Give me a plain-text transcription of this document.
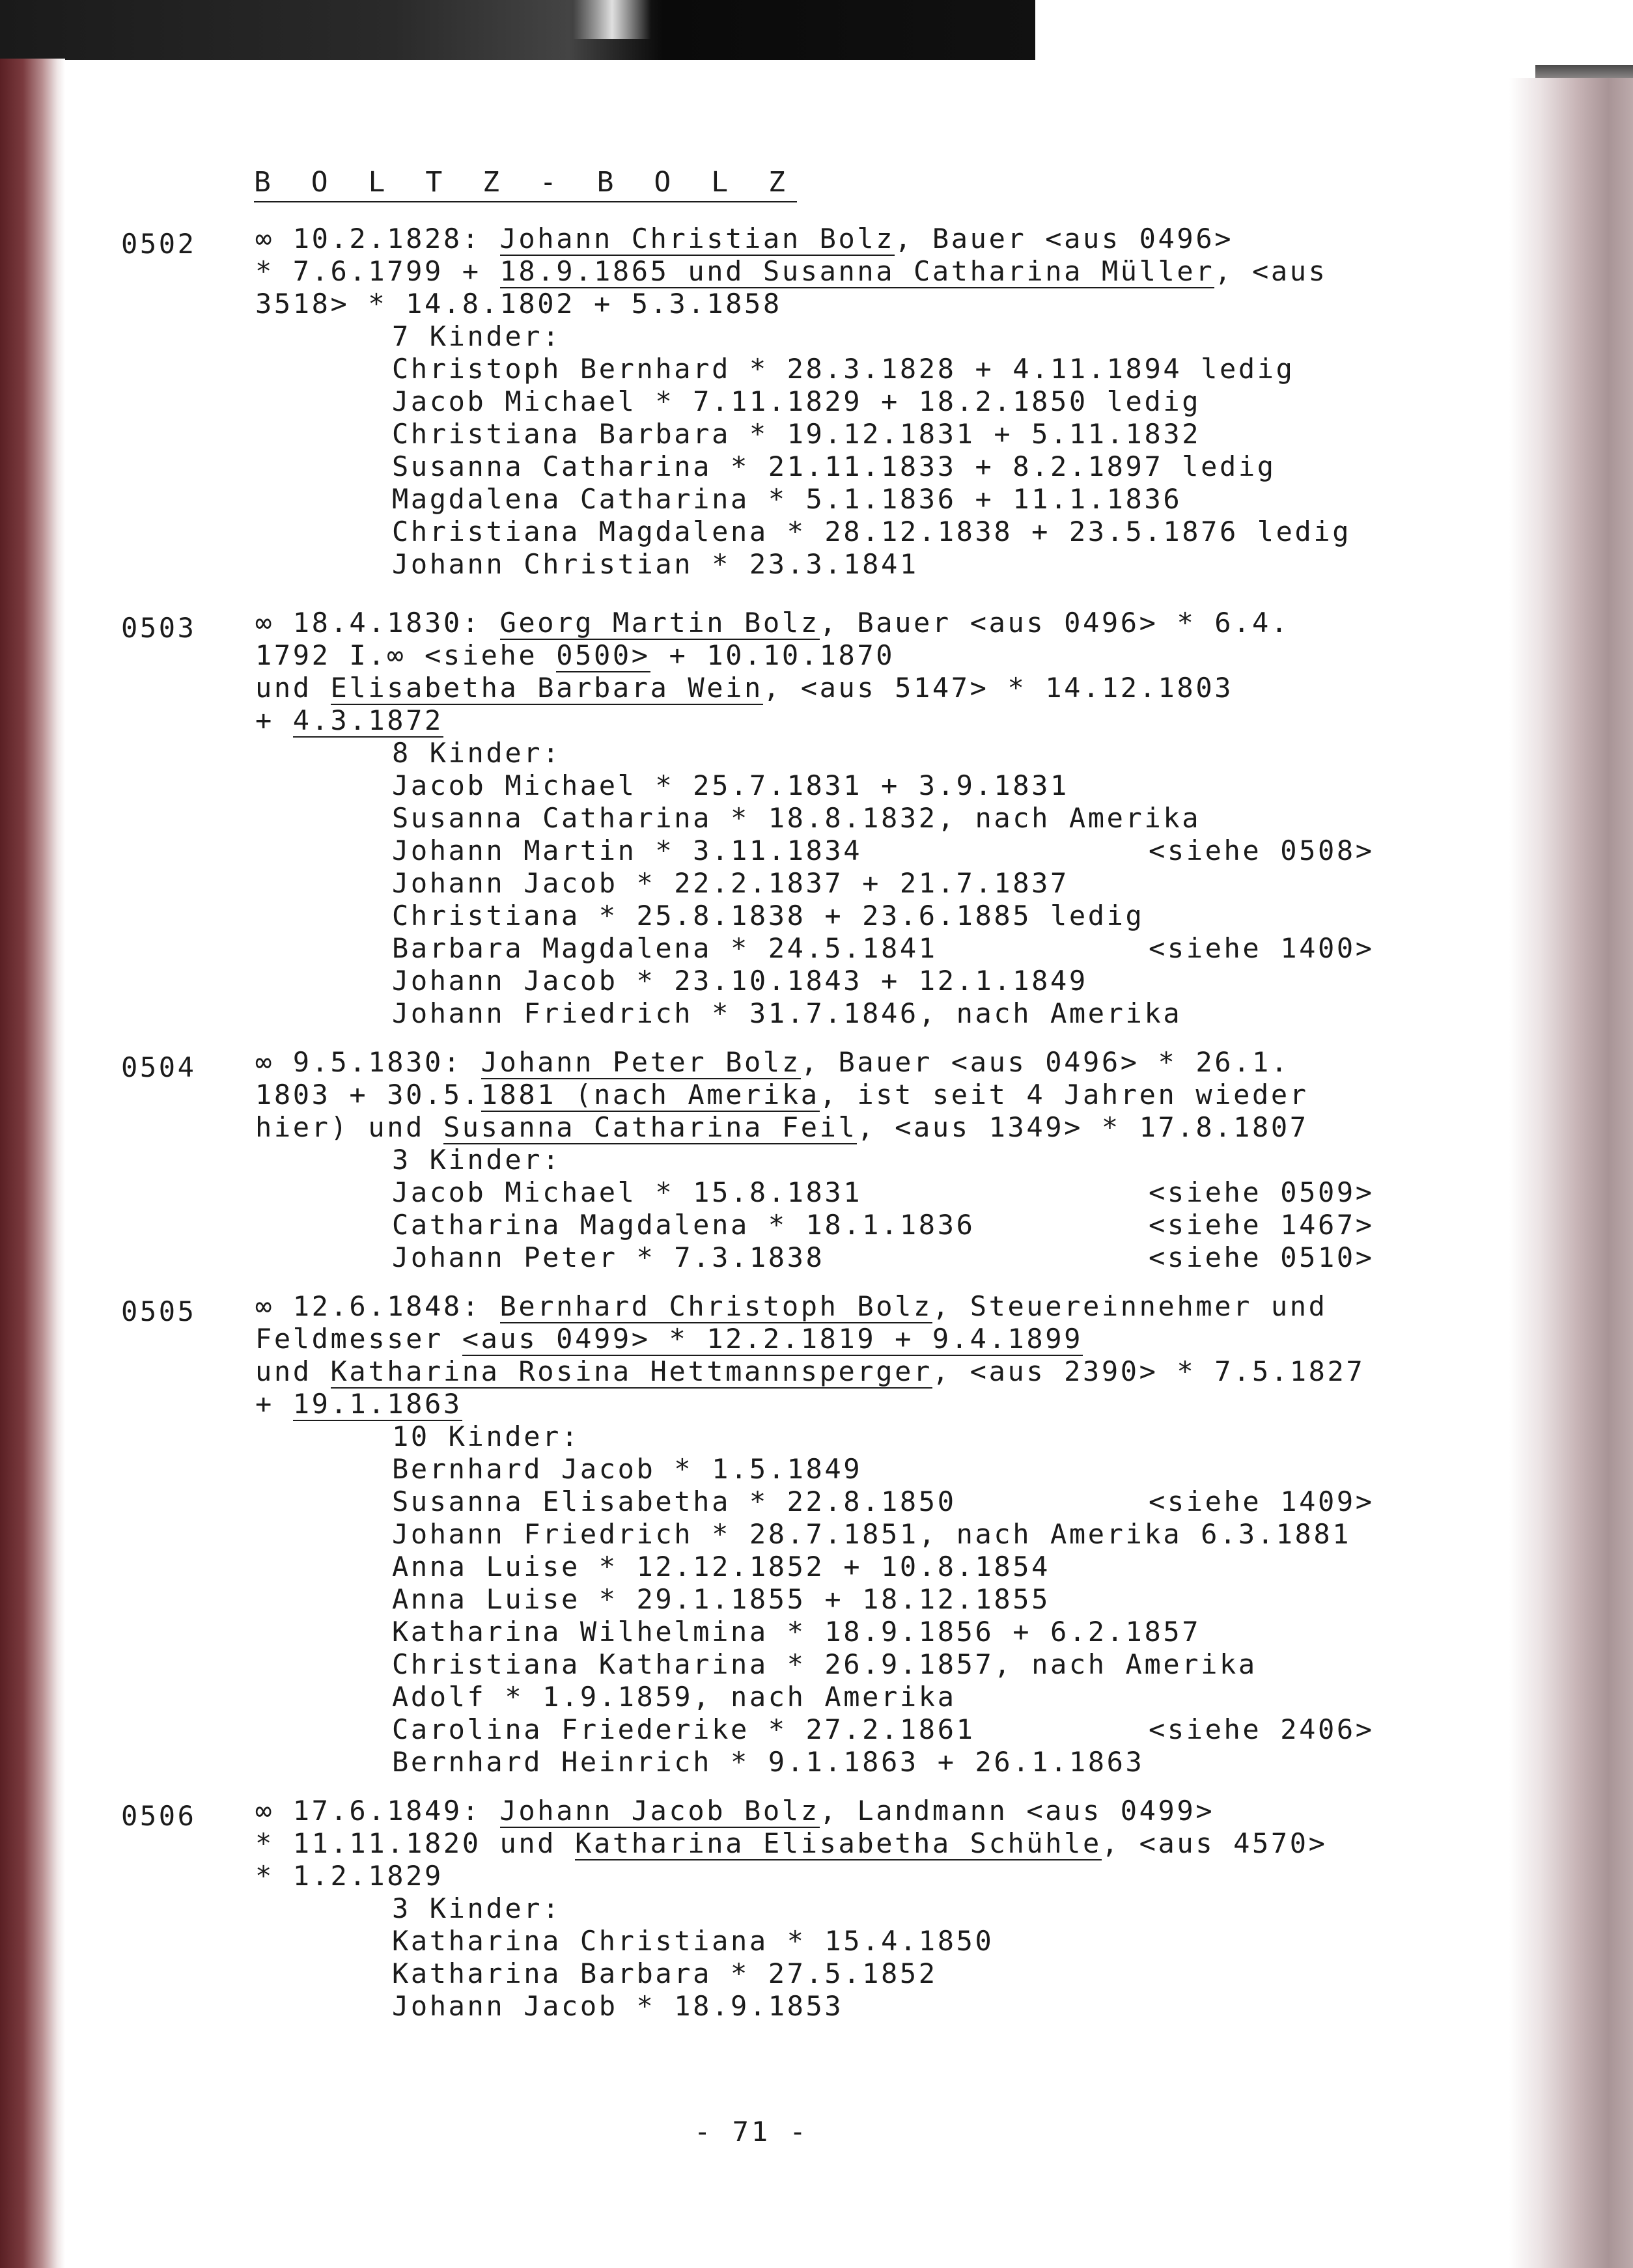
B O L T Z - B O L Z
0502 ∞ 10.2.1828: Johann Christian Bolz, Bauer <aus 0496>
* 7.6.1799 + 18.9.1865 und Susanna Catharina Müller, <aus
3518> * 14.8.1802 + 5.3.1858
7 Kinder:
Christoph Bernhard * 28.3.1828 + 4.11.1894 ledig
Jacob Michael * 7.11.1829 + 18.2.1850 ledig
Christiana Barbara * 19.12.1831 + 5.11.1832
Susanna Catharina * 21.11.1833 + 8.2.1897 ledig
Magdalena Catharina * 5.1.1836 + 11.1.1836
Christiana Magdalena * 28.12.1838 + 23.5.1876 ledig
Johann Christian * 23.3.1841
0503 ∞ 18.4.1830: Georg Martin Bolz, Bauer <aus 0496> * 6.4.
1792 I.∞ <siehe 0500> + 10.10.1870
und Elisabetha Barbara Wein, <aus 5147> * 14.12.1803
+ 4.3.1872
8 Kinder:
Jacob Michael * 25.7.1831 + 3.9.1831
Susanna Catharina * 18.8.1832, nach Amerika
Johann Martin * 3.11.1834	<siehe 0508>
Johann Jacob * 22.2.1837 + 21.7.1837
Christiana * 25.8.1838 + 23.6.1885 ledig
Barbara Magdalena * 24.5.1841	<siehe 1400>
Johann Jacob * 23.10.1843 + 12.1.1849
Johann Friedrich * 31.7.1846, nach Amerika
0504 ∞ 9.5.1830: Johann Peter Bolz, Bauer <aus 0496> * 26.1.
1803 + 30.5.1881 (nach Amerika, ist seit 4 Jahren wieder
hier) und Susanna Catharina Feil, <aus 1349> * 17.8.1807
3 Kinder:
Jacob Michael * 15.8.1831	<siehe 0509>
Catharina Magdalena * 18.1.1836	<siehe 1467>
Johann Peter * 7.3.1838	<siehe 0510>
0505 ∞ 12.6.1848: Bernhard Christoph Bolz, Steuereinnehmer und
Feldmesser <aus 0499> * 12.2.1819 + 9.4.1899
und Katharina Rosina Hettmannsperger, <aus 2390> * 7.5.1827
+ 19.1.1863
10 Kinder:
Bernhard Jacob * 1.5.1849
Susanna Elisabetha * 22.8.1850	<siehe 1409>
Johann Friedrich * 28.7.1851, nach Amerika 6.3.1881
Anna Luise * 12.12.1852 + 10.8.1854
Anna Luise * 29.1.1855 + 18.12.1855
Katharina Wilhelmina * 18.9.1856 + 6.2.1857
Christiana Katharina * 26.9.1857, nach Amerika
Adolf * 1.9.1859, nach Amerika
Carolina Friederike * 27.2.1861	<siehe 2406>
Bernhard Heinrich * 9.1.1863 + 26.1.1863
0506 ∞ 17.6.1849: Johann Jacob Bolz, Landmann <aus 0499>
* 11.11.1820 und Katharina Elisabetha Schühle, <aus 4570>
* 1.2.1829
3 Kinder:
Katharina Christiana * 15.4.1850
Katharina Barbara * 27.5.1852
Johann Jacob * 18.9.1853
- 71 -
